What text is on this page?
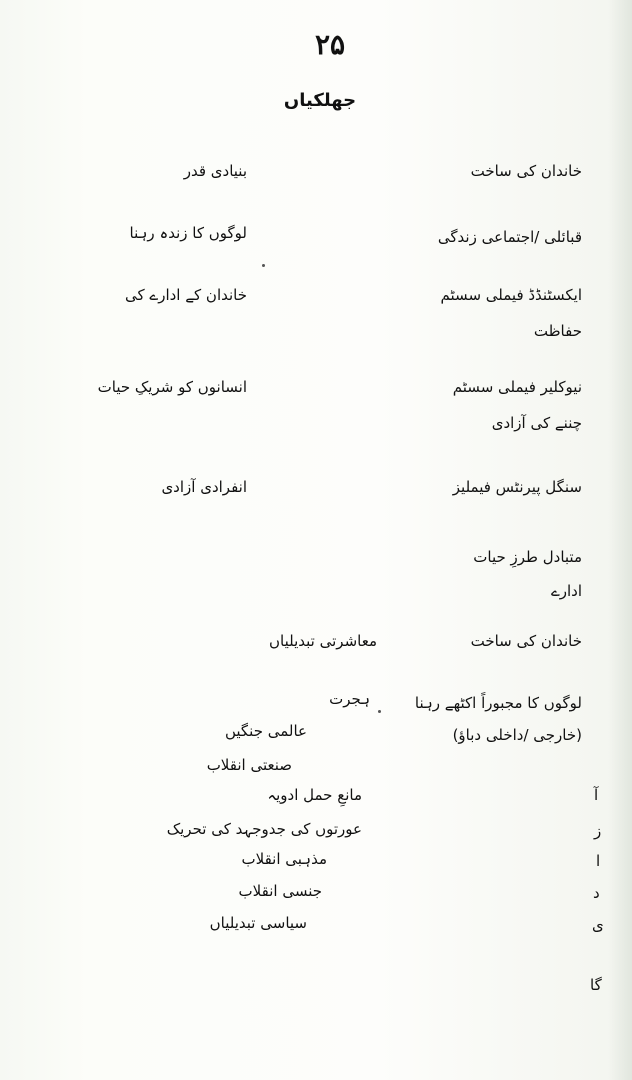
۲۵
جھلکیاں
خاندان کی ساخت
بنیادی قدر
قبائلی /اجتماعی زندگی
لوگوں کا زندہ رہنا
ایکسٹنڈڈ فیملی سسٹم
خاندان کے ادارے کی
حفاظت
نیوکلیر فیملی سسٹم
انسانوں کو شریکِ حیات
چننے کی آزادی
سنگل پیرنٹس فیملیز
انفرادی آزادی
متبادل طرزِ حیات
ادارے
خاندان کی ساخت
معاشرتی تبدیلیاں
لوگوں کا مجبوراً اکٹھے رہنا
(خارجی /داخلی دباؤ)
ہجرت
عالمی جنگیں
صنعتی انقلاب
مانعِ حمل ادویہ
عورتوں کی جدوجہد کی تحریک
مذہبی انقلاب
جنسی انقلاب
سیاسی تبدیلیاں
آ
ز
ا
د
ی
گا
